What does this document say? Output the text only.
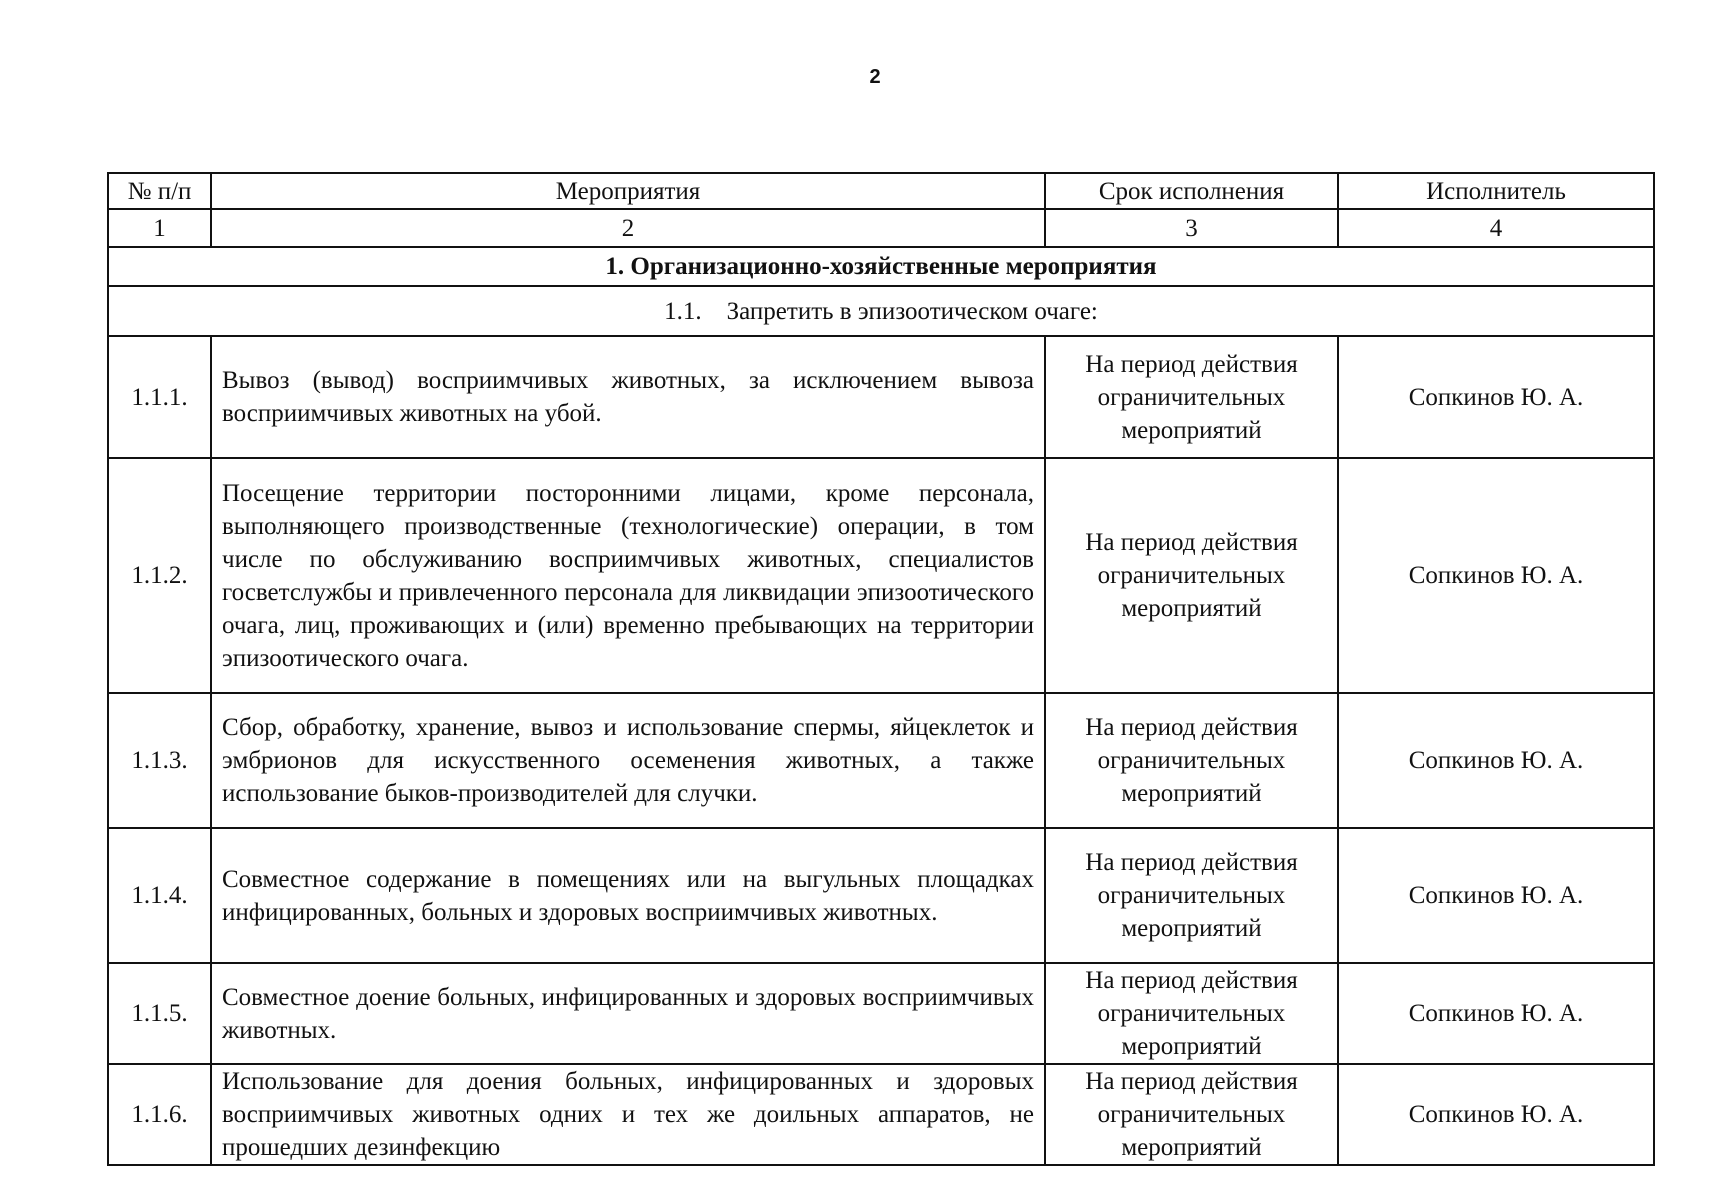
2
№ п/п	Мероприятия	Срок исполнения	Исполнитель
1	2	3	4
1. Организационно-хозяйственные мероприятия			
1.1.    Запретить в эпизоотическом очаге:			
1.1.1.	Вывоз (вывод) восприимчивых животных, за исключением вывоза восприимчивых животных на убой.	На период действия ограничительных мероприятий	Сопкинов Ю. А.
1.1.2.	Посещение территории посторонними лицами, кроме персонала, выполняющего производственные (технологические) операции, в том числе по обслуживанию восприимчивых животных, специалистов госветслужбы и привлеченного персонала для ликвидации эпизоотического очага, лиц, проживающих и (или) временно пребывающих на территории эпизоотического очага.	На период действия ограничительных мероприятий	Сопкинов Ю. А.
1.1.3.	Сбор, обработку, хранение, вывоз и использование спермы, яйцеклеток и эмбрионов для искусственного осеменения животных, а также использование быков-производителей для случки.	На период действия ограничительных мероприятий	Сопкинов Ю. А.
1.1.4.	Совместное содержание в помещениях или на выгульных площадках инфицированных, больных и здоровых восприимчивых животных.	На период действия ограничительных мероприятий	Сопкинов Ю. А.
1.1.5.	Совместное доение больных, инфицированных и здоровых восприимчивых животных.	На период действия ограничительных мероприятий	Сопкинов Ю. А.
1.1.6.	Использование для доения больных, инфицированных и здоровых восприимчивых животных одних и тех же доильных аппаратов, не прошедших дезинфекцию	На период действия ограничительных мероприятий	Сопкинов Ю. А.
